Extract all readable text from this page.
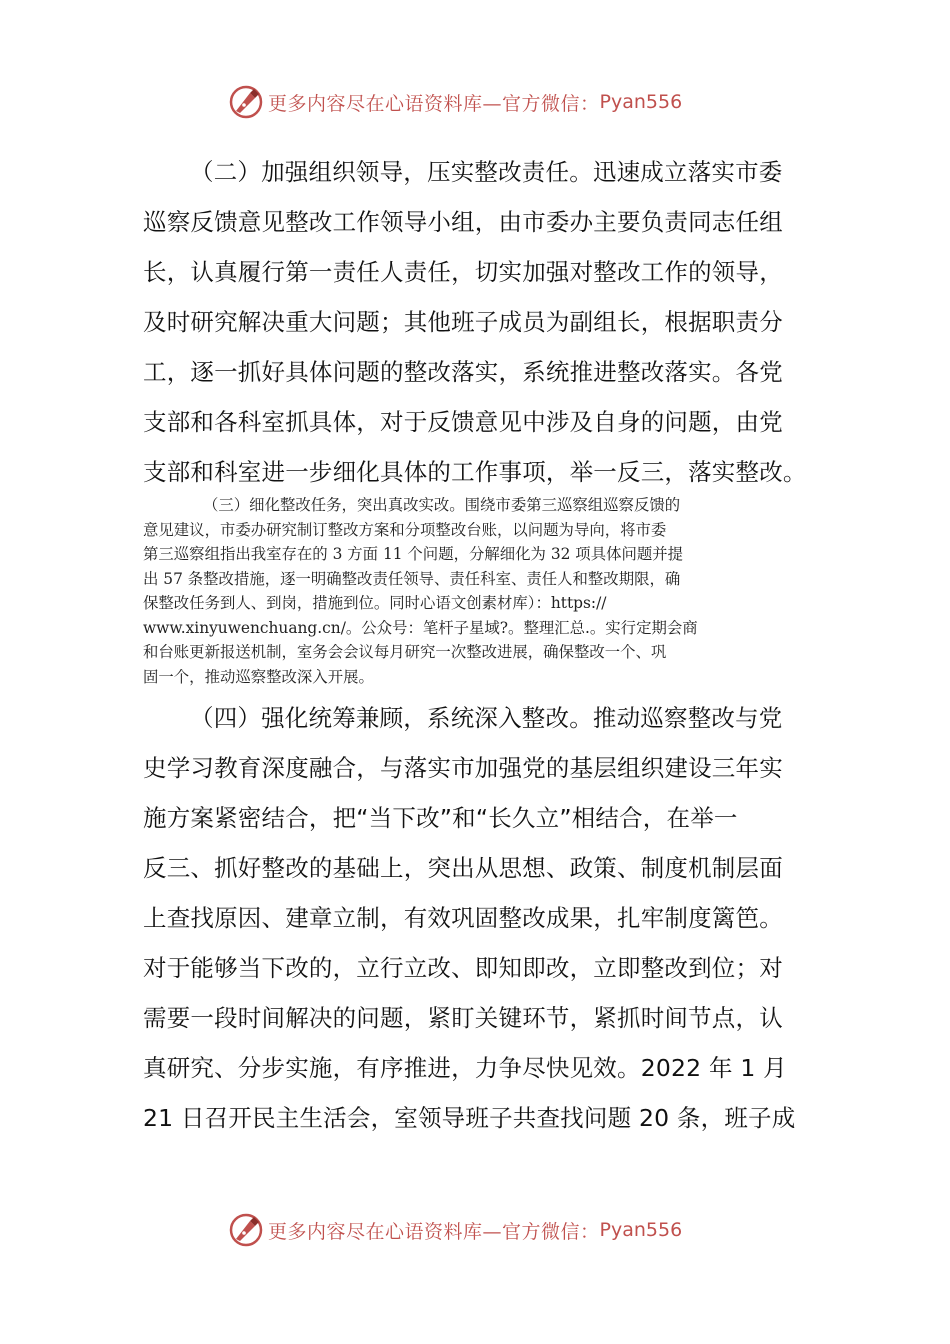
更多内容尽在心语资料库—官方微信： Pyan556
（二）加强组织领导，压实整改责任。迅速成立落实市委
巡察反馈意见整改工作领导小组，由市委办主要负责同志任组
长，认真履行第一责任人责任，切实加强对整改工作的领导，
及时研究解决重大问题；其他班子成员为副组长，根据职责分
工，逐一抓好具体问题的整改落实，系统推进整改落实。各党
支部和各科室抓具体，对于反馈意见中涉及自身的问题，由党
支部和科室进一步细化具体的工作事项，举一反三，落实整改。
（三）细化整改任务，突出真改实改。围绕市委第三巡察组巡察反馈的
意见建议，市委办研究制订整改方案和分项整改台账，以问题为导向，将市委
第三巡察组指出我室存在的 3 方面 11 个问题，分解细化为 32 项具体问题并提
出 57 条整改措施，逐一明确整改责任领导、责任科室、责任人和整改期限，确
保整改任务到人、到岗，措施到位。同时心语文创素材库）：https://
www.xinyuwenchuang.cn/。公众号：笔杆子星域?。整理汇总.。实行定期会商
和台账更新报送机制，室务会会议每月研究一次整改进展，确保整改一个、巩
固一个，推动巡察整改深入开展。
（四）强化统筹兼顾，系统深入整改。推动巡察整改与党
史学习教育深度融合，与落实市加强党的基层组织建设三年实
施方案紧密结合，把“当下改”和“长久立”相结合，在举一
反三、抓好整改的基础上，突出从思想、政策、制度机制层面
上查找原因、建章立制，有效巩固整改成果，扎牢制度篱笆。
对于能够当下改的，立行立改、即知即改，立即整改到位；对
需要一段时间解决的问题，紧盯关键环节，紧抓时间节点，认
真研究、分步实施，有序推进，力争尽快见效。2022 年 1 月
21 日召开民主生活会，室领导班子共查找问题 20 条，班子成
更多内容尽在心语资料库—官方微信： Pyan556
